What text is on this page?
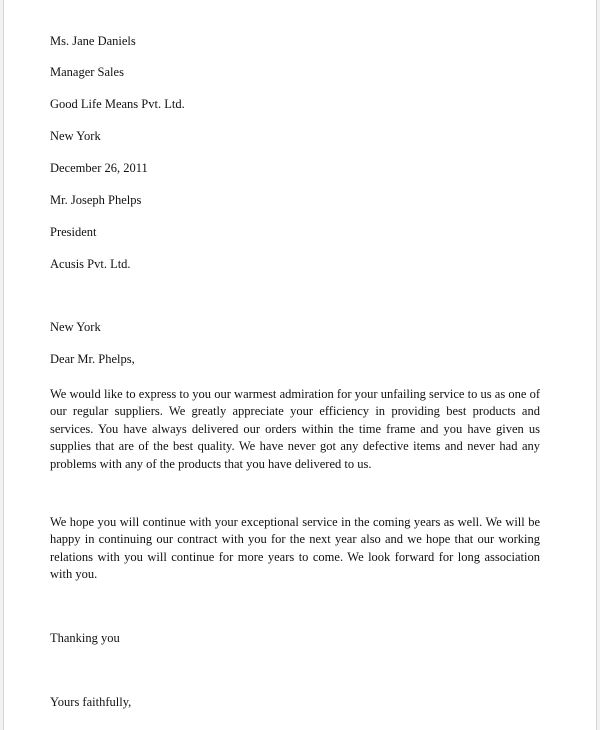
Ms. Jane Daniels
Manager Sales
Good Life Means Pvt. Ltd.
New York
December 26, 2011
Mr. Joseph Phelps
President
Acusis Pvt. Ltd.
New York
Dear Mr. Phelps,

We would like to express to you our warmest admiration for your unfailing service to us as one of our regular suppliers. We greatly appreciate your efficiency in providing best products and services. You have always delivered our orders within the time frame and you have given us supplies that are of the best quality. We have never got any defective items and never had any problems with any of the products that you have delivered to us.

We hope you will continue with your exceptional service in the coming years as well. We will be happy in continuing our contract with you for the next year also and we hope that our working relations with you will continue for more years to come. We look forward for long association with you.

Thanking you
Yours faithfully,
